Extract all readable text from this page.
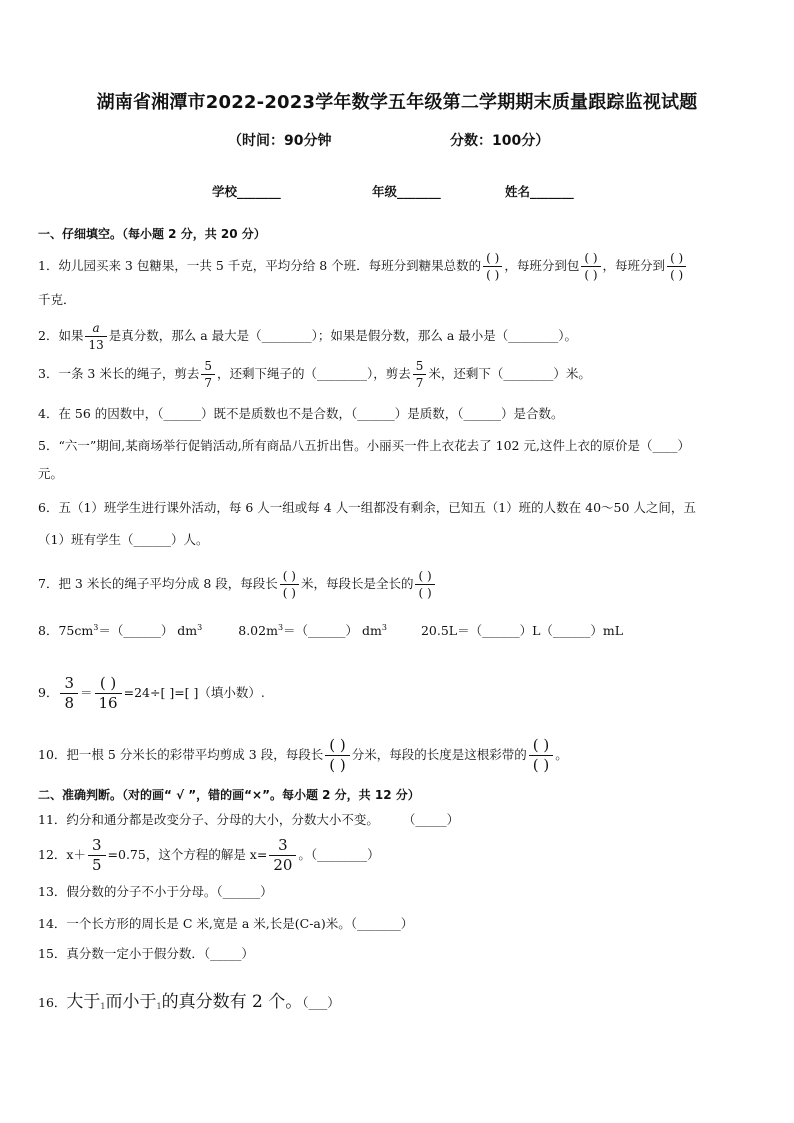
湖南省湘潭市2022-2023学年数学五年级第二学期期末质量跟踪监视试题
（时间：90分钟	分数：100分）
学校_______	年级_______	姓名_______
一、仔细填空。（每小题 2 分，共 20 分）
1．幼儿园买来 3 包糖果，一共 5 千克，平均分给 8 个班．每班分到糖果总数的 $\frac{( )}{( )}$ ，每班分到包 $\frac{( )}{( )}$ ，每班分到 $\frac{( )}{( )}$
千克．
2．如果 $\frac{a}{13}$ 是真分数，那么 a 最大是（________）；如果是假分数，那么 a 最小是（________）。
3．一条 3 米长的绳子，剪去 $\frac{5}{7}$ ，还剩下绳子的（________），剪去 $\frac{5}{7}$ 米，还剩下（________）米。
4．在 56 的因数中，（______）既不是质数也不是合数，（______）是质数，（______）是合数。
5．“六一”期间,某商场举行促销活动,所有商品八五折出售。小丽买一件上衣花去了 102 元,这件上衣的原价是（____）
元。
6．五（1）班学生进行课外活动，每 6 人一组或每 4 人一组都没有剩余，已知五（1）班的人数在 40～50 人之间，五
（1）班有学生（______）人。
7．把 3 米长的绳子平均分成 8 段，每段长 $\frac{( )}{( )}$ 米，每段长是全长的 $\frac{( )}{( )}$
8．$75cm^3=(\_\_\_\_\_\_)$ $dm^3$	$8.02m^3=(\_\_\_\_\_\_)$ $dm^3$	20.5L＝（______）L（______）mL
9． $\frac{3}{8} = \frac{( )}{16} =24\div$[ ]=[ ]（填小数）.
10．把一根 5 分米长的彩带平均剪成 3 段，每段长 $\frac{( )}{( )}$ 分米，每段的长度是这根彩带的 $\frac{( )}{( )}$ 。
二、准确判断。（对的画“ √ ”，错的画“×”。每小题 2 分，共 12 分）
11．约分和通分都是改变分子、分母的大小，分数大小不变。 （_____）
12．$x+ \frac{3}{5} =0.75$，这个方程的解是 $x= \frac{3}{20}$ 。（________）
13．假分数的分子不小于分母。（______）
14．一个长方形的周长是 C 米,宽是 a 米,长是(C-a)米。（_______）
15．真分数一定小于假分数．（_____）
16．大于1而小于1的真分数有 2 个。（___）
